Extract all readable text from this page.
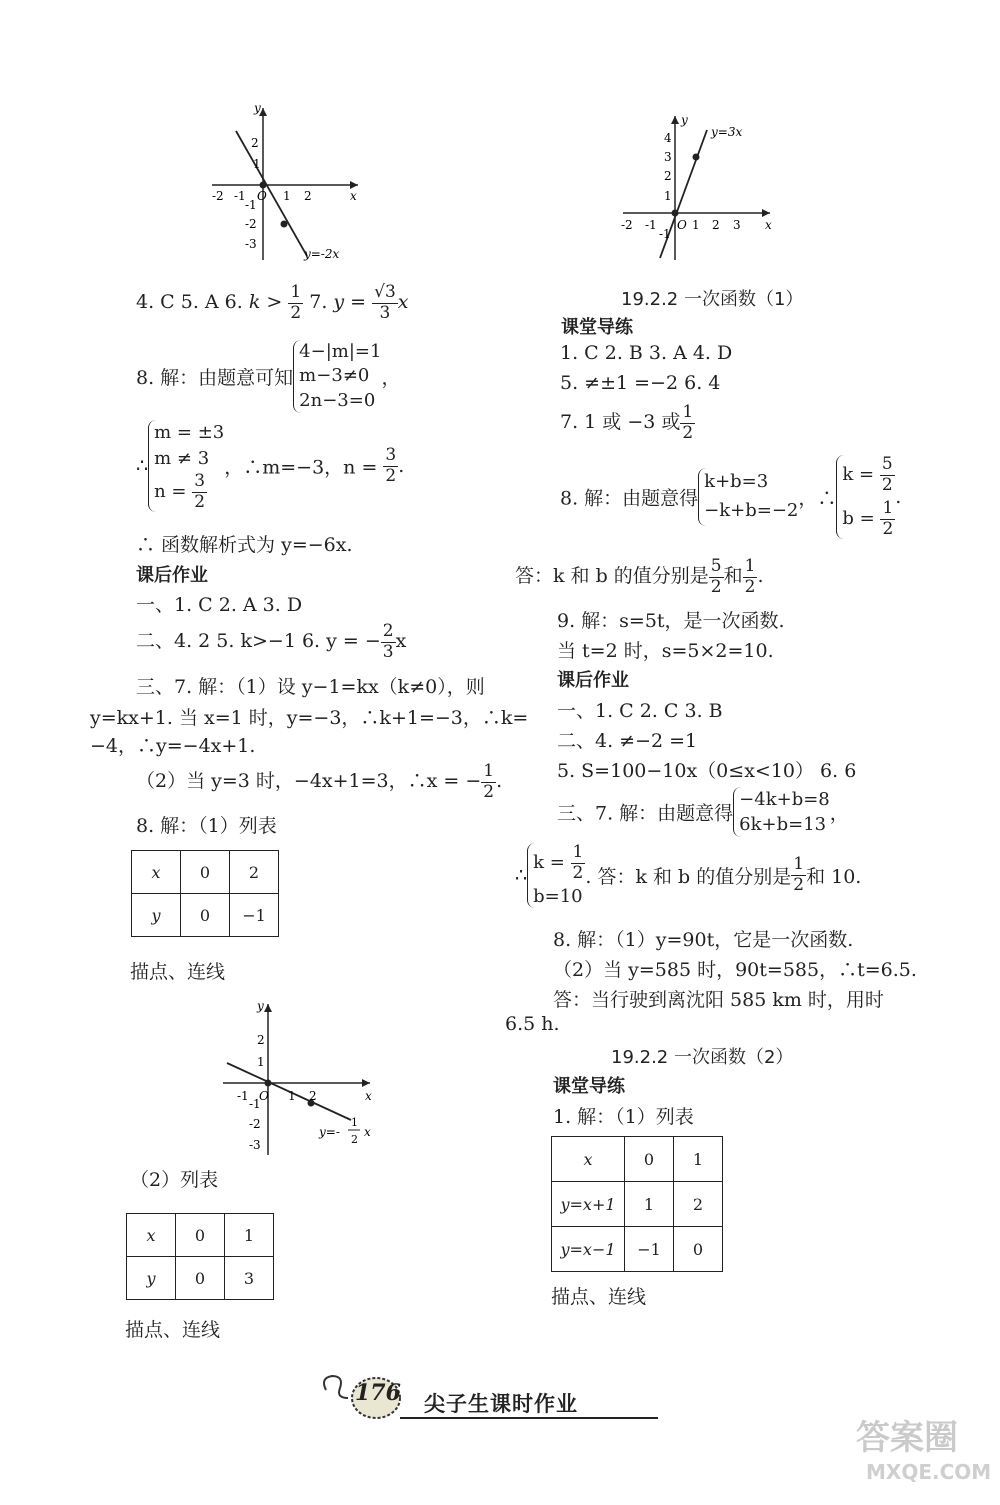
y
x
2
1
-1
-2
-3
-2 -1 O 1 2
y=-2x
y
x
y=3x
4
3
2
1
-1
-2 -1 O 1 2 3
y
x
2
1
-1
-2
-3
-1 O 1 2
y=-
1
2
x
4. C 5. A 6. $k > \frac{1}{2} 7$. $y = \frac{√3}{3}$ x
8. 解：由题意可知
4−|m|=1
m−3≠0
2n−3=0
，
∴
m = ±3
m ≠ 3
$n = \frac{3}{2}$
，∴m=−3，$n = \frac{3}{2}$ .
∴ 函数解析式为 y=−6x.
课后作业
一、1. C 2. A 3. D
二、4. 2 5. k>−1 6. y = − $\frac{2}{3}$ x
三、7. 解：（1）设 y−1=kx（k≠0），则
y=kx+1. 当 x=1 时，y=−3，∴k+1=−3，∴k=
−4，∴y=−4x+1.
（2）当 y=3 时，−4x+1=3，∴x = − $\frac{1}{2}$ .
8. 解：（1）列表
x	0	2
y	0	−1
描点、连线
（2）列表
x	0	1
y	0	3
描点、连线
19.2.2 一次函数（1）
课堂导练
1. C 2. B 3. A 4. D
5. ≠±1 =−2 6. 4
7. 1 或 −3 或 $\frac{1}{2}$
8. 解：由题意得
k+b=3
−k+b=−2
，∴
$k = \frac{5}{2}$
$b = \frac{1}{2}$
.
答：k 和 b 的值分别是 $\frac{5}{2}$ 和 $\frac{1}{2}$ .
9. 解：s=5t，是一次函数.
当 t=2 时，s=5×2=10.
课后作业
一、1. C 2. C 3. B
二、4. ≠−2 =1
5. S=100−10x（0≤x<10） 6. 6
三、7. 解：由题意得
−4k+b=8
6k+b=13 ，
∴
$k = \frac{1}{2}$
b=10
. 答：k 和 b 的值分别是 $\frac{1}{2}$ 和 10.
8. 解：（1）y=90t，它是一次函数.
（2）当 y=585 时，90t=585，∴t=6.5.
答：当行驶到离沈阳 585 km 时，用时
6.5 h.
19.2.2 一次函数（2）
课堂导练
1. 解：（1）列表
x	0	1
y=x+1	1	2
y=x−1	−1	0
描点、连线
176 尖子生课时作业
答案圈
MXQE.COM
